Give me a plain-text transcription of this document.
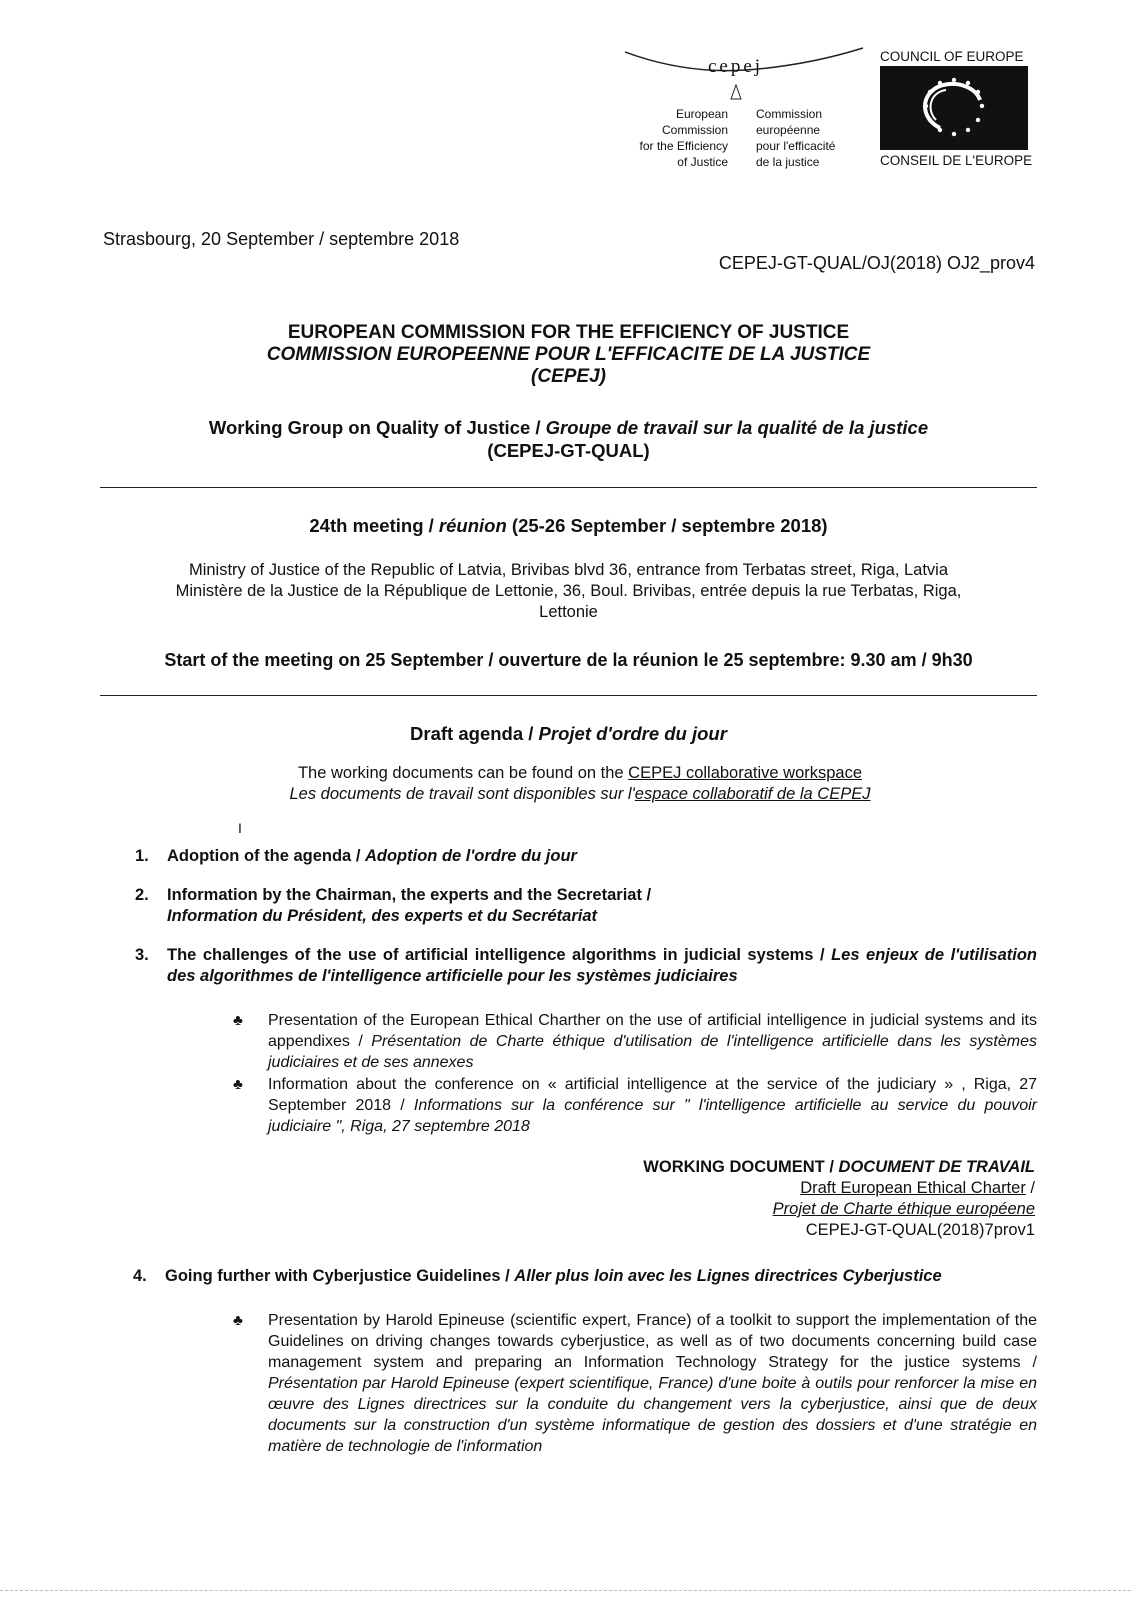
cepej
European
Commission
for the Efficiency
of Justice
Commission
européenne
pour l'efficacité
de la justice
COUNCIL OF EUROPE
CONSEIL DE L'EUROPE
Strasbourg, 20 September / septembre 2018
CEPEJ-GT-QUAL/OJ(2018) OJ2_prov4
EUROPEAN COMMISSION FOR THE EFFICIENCY OF JUSTICE
COMMISSION EUROPEENNE POUR L'EFFICACITE DE LA JUSTICE
(CEPEJ)
Working Group on Quality of Justice / Groupe de travail sur la qualité de la justice
(CEPEJ-GT-QUAL)
24th meeting / réunion (25-26 September / septembre 2018)
Ministry of Justice of the Republic of Latvia, Brivibas blvd 36, entrance from Terbatas street, Riga, Latvia
Ministère de la Justice de la République de Lettonie, 36, Boul. Brivibas, entrée depuis la rue Terbatas, Riga,
Lettonie
Start of the meeting on 25 September / ouverture de la réunion le 25 septembre: 9.30 am / 9h30
Draft agenda / Projet d'ordre du jour
The working documents can be found on the CEPEJ collaborative workspace
Les documents de travail sont disponibles sur l'espace collaboratif de la CEPEJ
I
1. Adoption of the agenda / Adoption de l'ordre du jour
2. Information by the Chairman, the experts and the Secretariat /
Information du Président, des experts et du Secrétariat
3. The challenges of the use of artificial intelligence algorithms in judicial systems / Les enjeux de l'utilisation des algorithmes de l'intelligence artificielle pour les systèmes judiciaires
♣ Presentation of the European Ethical Charther on the use of artificial intelligence in judicial systems and its appendixes / Présentation de Charte éthique d'utilisation de l'intelligence artificielle dans les systèmes judiciaires et de ses annexes
♣ Information about the conference on « artificial intelligence at the service of the judiciary » , Riga, 27 September 2018 / Informations sur la conférence sur " l'intelligence artificielle au service du pouvoir judiciaire ", Riga, 27 septembre 2018
WORKING DOCUMENT / DOCUMENT DE TRAVAIL
Draft European Ethical Charter /
Projet de Charte éthique européene
CEPEJ-GT-QUAL(2018)7prov1
4. Going further with Cyberjustice Guidelines / Aller plus loin avec les Lignes directrices Cyberjustice
♣ Presentation by Harold Epineuse (scientific expert, France) of a toolkit to support the implementation of the Guidelines on driving changes towards cyberjustice, as well as of two documents concerning build case management system and preparing an Information Technology Strategy for the justice systems / Présentation par Harold Epineuse (expert scientifique, France) d'une boite à outils pour renforcer la mise en œuvre des Lignes directrices sur la conduite du changement vers la cyberjustice, ainsi que de deux documents sur la construction d'un système informatique de gestion des dossiers et d'une stratégie en matière de technologie de l'information
